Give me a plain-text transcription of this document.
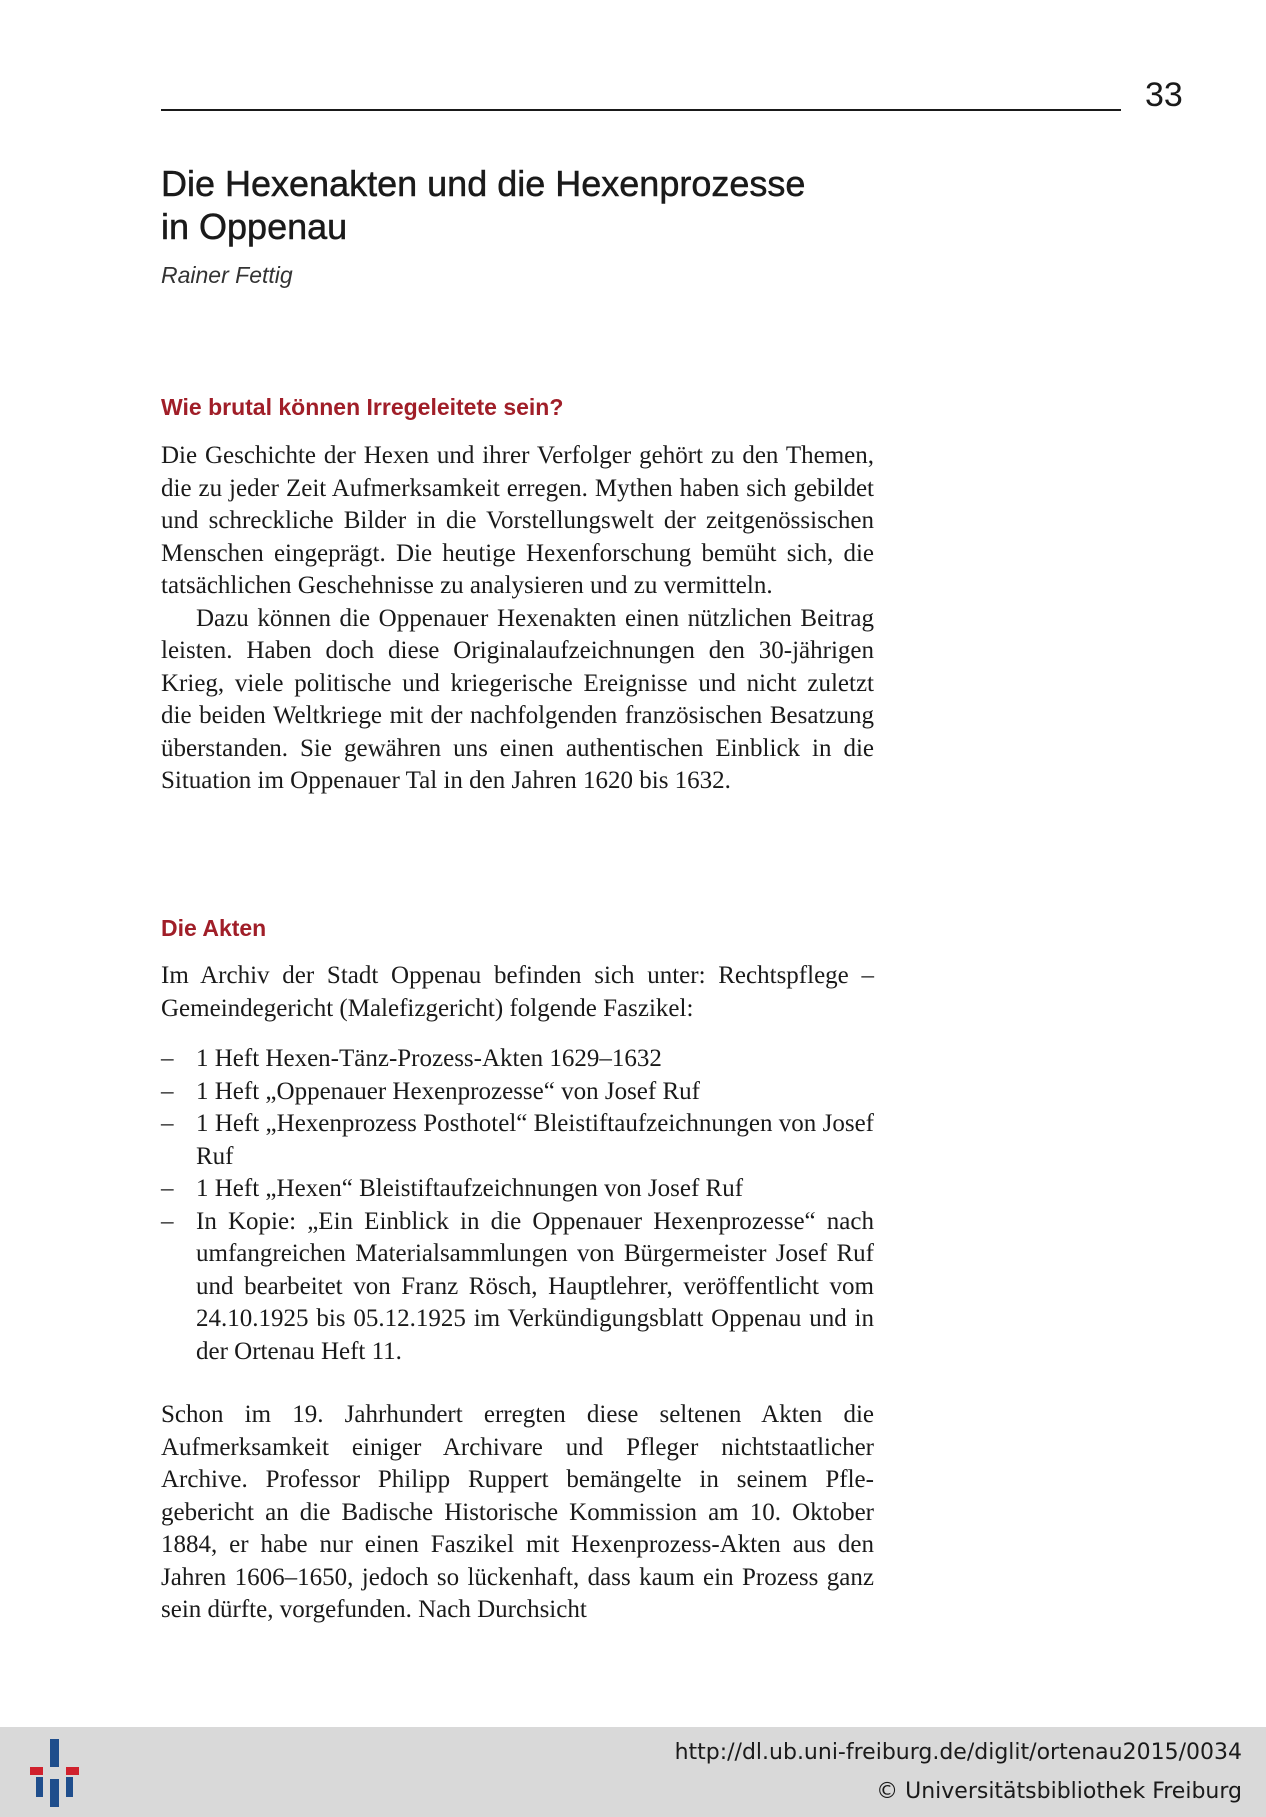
33
Die Hexenakten und die Hexenprozesse
in Oppenau
Rainer Fettig
Wie brutal können Irregeleitete sein?

Die Geschichte der Hexen und ihrer Verfolger gehört zu den Themen, die zu jeder Zeit Aufmerksamkeit erregen. Mythen haben sich gebildet und schreckliche Bilder in die Vorstellungswelt der zeitgenössischen Menschen eingeprägt. Die heutige Hexenforschung bemüht sich, die tatsächlichen Geschehnisse zu analysieren und zu vermitteln.

Dazu können die Oppenauer Hexenakten einen nützlichen Beitrag leisten. Haben doch diese Originalaufzeichnungen den 30-jährigen Krieg, viele politische und kriegerische Ereignisse und nicht zuletzt die beiden Weltkriege mit der nachfolgenden französischen Besatzung überstanden. Sie gewähren uns einen authentischen Einblick in die Situation im Oppenauer Tal in den Jahren 1620 bis 1632.

Die Akten

Im Archiv der Stadt Oppenau befinden sich unter: Rechtspflege – Gemeindegericht (Malefizgericht) folgende Faszikel:

– 1 Heft Hexen-Tänz-Prozess-Akten 1629–1632
– 1 Heft „Oppenauer Hexenprozesse“ von Josef Ruf
– 1 Heft „Hexenprozess Posthotel“ Bleistiftaufzeichnungen von Josef Ruf
– 1 Heft „Hexen“ Bleistiftaufzeichnungen von Josef Ruf
– In Kopie: „Ein Einblick in die Oppenauer Hexenprozesse“ nach umfangreichen Materialsammlungen von Bürgermeister Josef Ruf und bearbeitet von Franz Rösch, Hauptlehrer, veröffentlicht vom 24.10.1925 bis 05.12.1925 im Verkündigungsblatt Oppenau und in der Ortenau Heft 11.

Schon im 19. Jahrhundert erregten diese seltenen Akten die Aufmerksamkeit einiger Archivare und Pfleger nichtstaatlicher Archive. Professor Philipp Ruppert bemängelte in seinem Pflegebericht an die Badische Historische Kommission am 10. Oktober 1884, er habe nur einen Faszikel mit Hexenprozess-Akten aus den Jahren 1606–1650, jedoch so lückenhaft, dass kaum ein Prozess ganz sein dürfte, vorgefunden. Nach Durchsicht

http://dl.ub.uni-freiburg.de/diglit/ortenau2015/0034
© Universitätsbibliothek Freiburg
